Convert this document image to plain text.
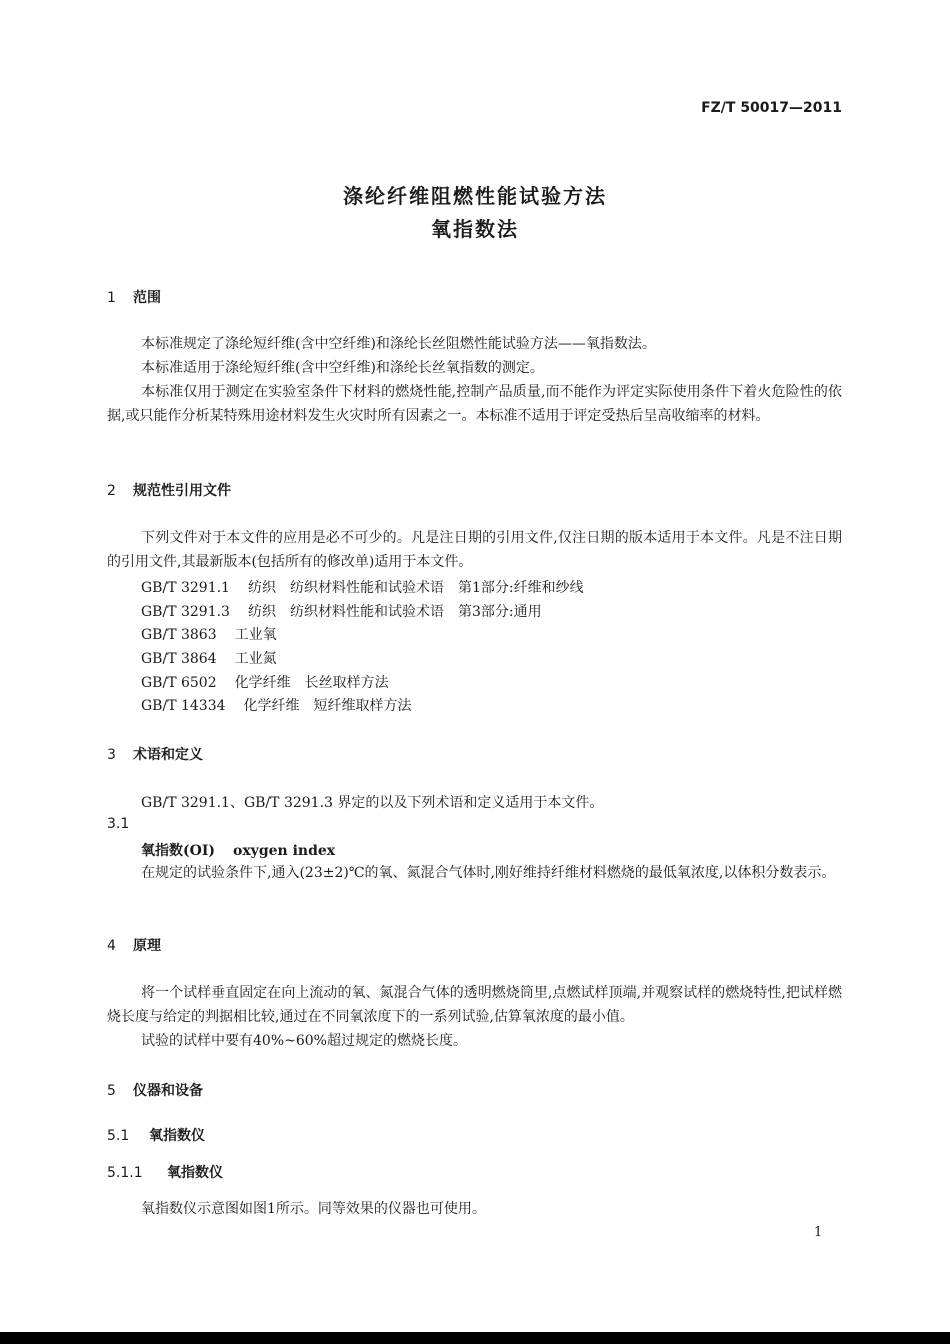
FZ/T 50017—2011
涤纶纤维阻燃性能试验方法
氧指数法
1 范围
本标准规定了涤纶短纤维(含中空纤维)和涤纶长丝阻燃性能试验方法——氧指数法。
本标准适用于涤纶短纤维(含中空纤维)和涤纶长丝氧指数的测定。
本标准仅用于测定在实验室条件下材料的燃烧性能,控制产品质量,而不能作为评定实际使用条件下着火危险性的依据,或只能作分析某特殊用途材料发生火灾时所有因素之一。本标准不适用于评定受热后呈高收缩率的材料。
2 规范性引用文件
下列文件对于本文件的应用是必不可少的。凡是注日期的引用文件,仅注日期的版本适用于本文件。凡是不注日期的引用文件,其最新版本(包括所有的修改单)适用于本文件。
GB/T 3291.1 纺织　纺织材料性能和试验术语　第1部分:纤维和纱线
GB/T 3291.3 纺织　纺织材料性能和试验术语　第3部分:通用
GB/T 3863 工业氧
GB/T 3864 工业氮
GB/T 6502 化学纤维　长丝取样方法
GB/T 14334 化学纤维　短纤维取样方法
3 术语和定义
GB/T 3291.1、GB/T 3291.3 界定的以及下列术语和定义适用于本文件。
3.1
氧指数(OI) oxygen index
在规定的试验条件下,通入(23±2)℃的氧、氮混合气体时,刚好维持纤维材料燃烧的最低氧浓度,以体积分数表示。
4 原理
将一个试样垂直固定在向上流动的氧、氮混合气体的透明燃烧筒里,点燃试样顶端,并观察试样的燃烧特性,把试样燃烧长度与给定的判据相比较,通过在不同氧浓度下的一系列试验,估算氧浓度的最小值。
试验的试样中要有40%~60%超过规定的燃烧长度。
5 仪器和设备
5.1 氧指数仪
5.1.1 氧指数仪
氧指数仪示意图如图1所示。同等效果的仪器也可使用。
1
